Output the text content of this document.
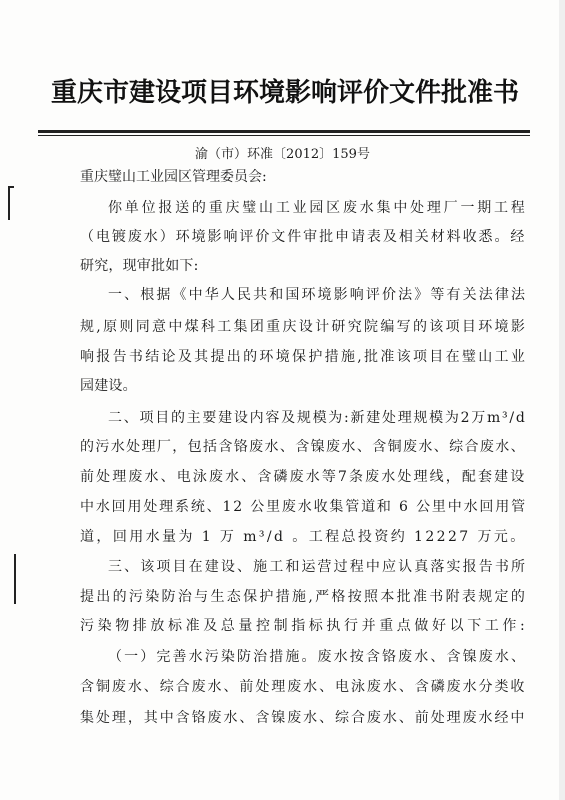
重庆市建设项目环境影响评价文件批准书
渝（市）环准〔2012〕159号
重庆璧山工业园区管理委员会:
你单位报送的重庆璧山工业园区废水集中处理厂一期工程
（电镀废水）环境影响评价文件审批申请表及相关材料收悉。经
研究，现审批如下:
一、根据《中华人民共和国环境影响评价法》等有关法律法
规,原则同意中煤科工集团重庆设计研究院编写的该项目环境影
响报告书结论及其提出的环境保护措施,批准该项目在璧山工业
园建设。
二、项目的主要建设内容及规模为:新建处理规模为2万m³/d
的污水处理厂，包括含铬废水、含镍废水、含铜废水、综合废水、
前处理废水、电泳废水、含磷废水等7条废水处理线，配套建设
中水回用处理系统、12 公里废水收集管道和 6 公里中水回用管
道，回用水量为 1 万 m³/d 。工程总投资约 12227 万元。
三、该项目在建设、施工和运营过程中应认真落实报告书所
提出的污染防治与生态保护措施,严格按照本批准书附表规定的
污染物排放标准及总量控制指标执行并重点做好以下工作:
（一）完善水污染防治措施。废水按含铬废水、含镍废水、
含铜废水、综合废水、前处理废水、电泳废水、含磷废水分类收
集处理，其中含铬废水、含镍废水、综合废水、前处理废水经中
